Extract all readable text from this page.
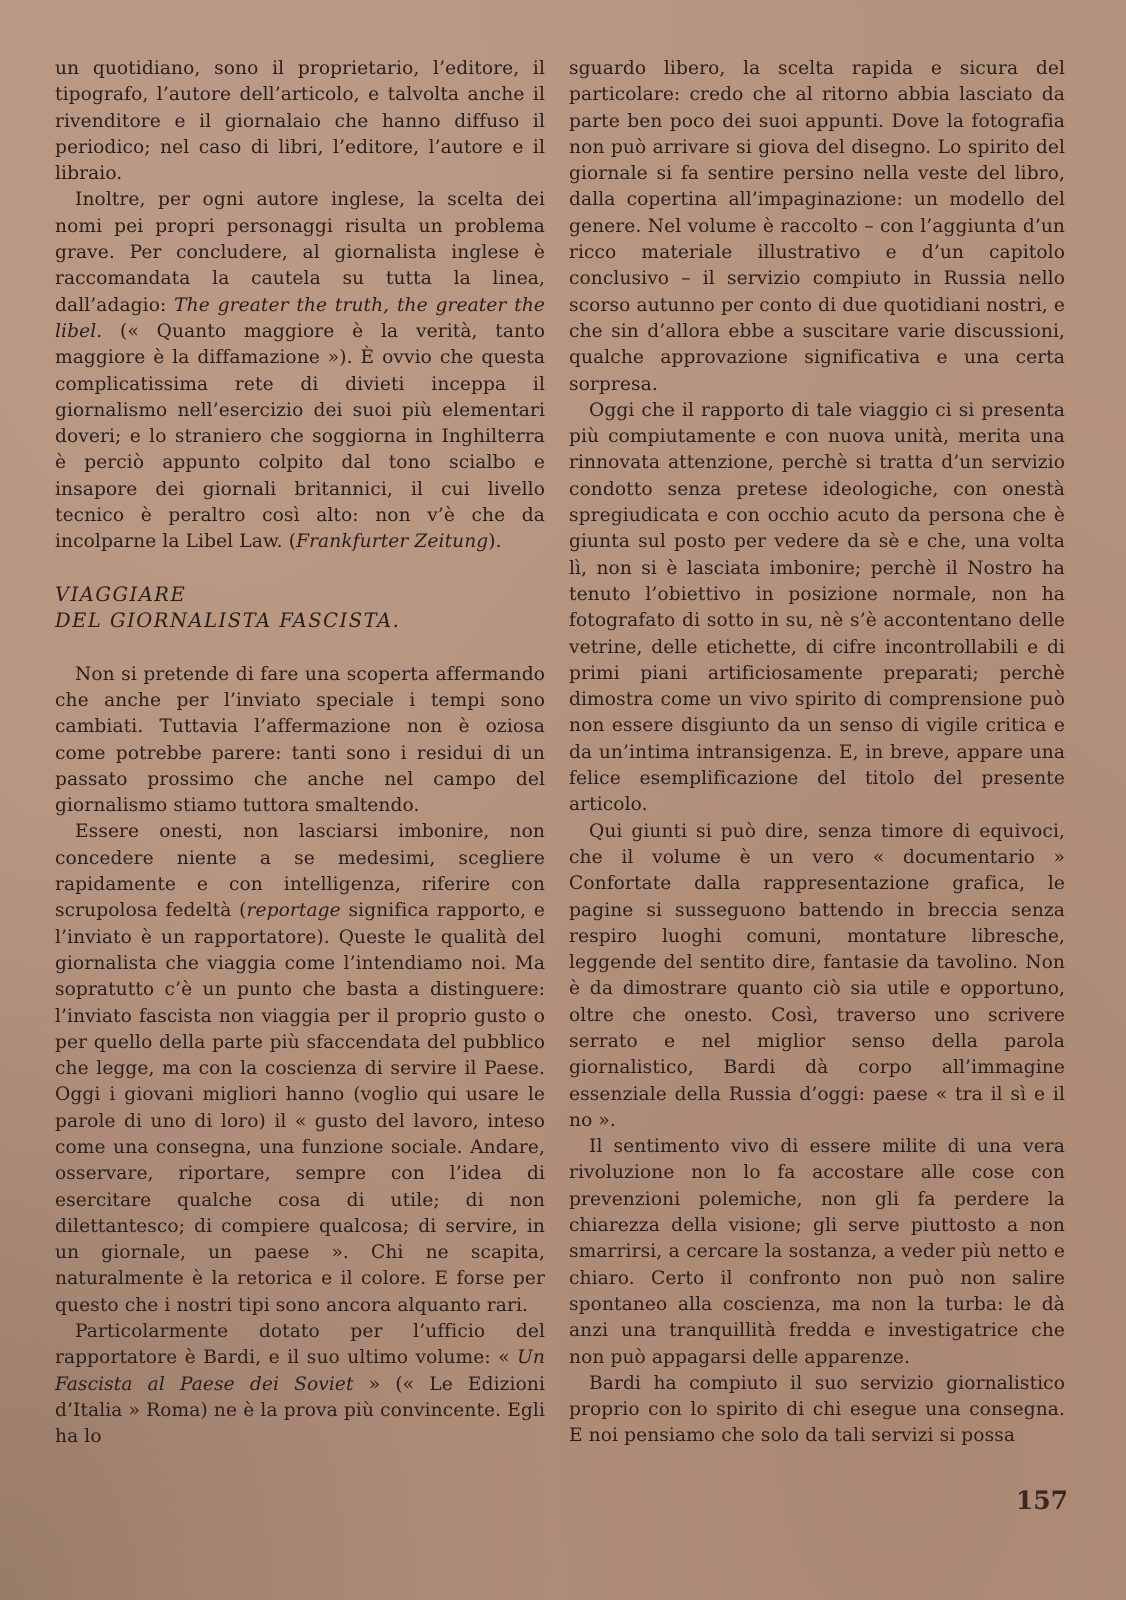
un quotidiano, sono il proprietario, l’editore, il tipografo, l’autore dell’articolo, e talvolta anche il rivenditore e il giornalaio che hanno diffuso il periodico; nel caso di libri, l’editore, l’autore e il libraio.

Inoltre, per ogni autore inglese, la scelta dei nomi pei propri personaggi risulta un problema grave. Per concludere, al giornalista inglese è raccomandata la cautela su tutta la linea, dall’adagio: The greater the truth, the greater the libel. (« Quanto maggiore è la verità, tanto maggiore è la diffamazione »). È ovvio che questa complicatissima rete di divieti inceppa il giornalismo nell’esercizio dei suoi più elementari doveri; e lo straniero che soggiorna in Inghilterra è perciò appunto colpito dal tono scialbo e insapore dei giornali britannici, il cui livello tecnico è peraltro così alto: non v’è che da incolparne la Libel Law. (Frankfurter Zeitung).

VIAGGIARE
DEL GIORNALISTA FASCISTA.

Non si pretende di fare una scoperta affermando che anche per l’inviato speciale i tempi sono cambiati. Tuttavia l’affermazione non è oziosa come potrebbe parere: tanti sono i residui di un passato prossimo che anche nel campo del giornalismo stiamo tuttora smaltendo.

Essere onesti, non lasciarsi imbonire, non concedere niente a se medesimi, scegliere rapidamente e con intelligenza, riferire con scrupolosa fedeltà (reportage significa rapporto, e l’inviato è un rapportatore). Queste le qualità del giornalista che viaggia come l’intendiamo noi. Ma sopratutto c’è un punto che basta a distinguere: l’inviato fascista non viaggia per il proprio gusto o per quello della parte più sfaccendata del pubblico che legge, ma con la coscienza di servire il Paese. Oggi i giovani migliori hanno (voglio qui usare le parole di uno di loro) il « gusto del lavoro, inteso come una consegna, una funzione sociale. Andare, osservare, riportare, sempre con l’idea di esercitare qualche cosa di utile; di non dilettantesco; di compiere qualcosa; di servire, in un giornale, un paese ». Chi ne scapita, naturalmente è la retorica e il colore. E forse per questo che i nostri tipi sono ancora alquanto rari.

Particolarmente dotato per l’ufficio del rapportatore è Bardi, e il suo ultimo volume: « Un Fascista al Paese dei Soviet » (« Le Edizioni d’Italia » Roma) ne è la prova più convincente. Egli ha lo

sguardo libero, la scelta rapida e sicura del particolare: credo che al ritorno abbia lasciato da parte ben poco dei suoi appunti. Dove la fotografia non può arrivare si giova del disegno. Lo spirito del giornale si fa sentire persino nella veste del libro, dalla copertina all’impaginazione: un modello del genere. Nel volume è raccolto – con l’aggiunta d’un ricco materiale illustrativo e d’un capitolo conclusivo – il servizio compiuto in Russia nello scorso autunno per conto di due quotidiani nostri, e che sin d’allora ebbe a suscitare varie discussioni, qualche approvazione significativa e una certa sorpresa.

Oggi che il rapporto di tale viaggio ci si presenta più compiutamente e con nuova unità, merita una rinnovata attenzione, perchè si tratta d’un servizio condotto senza pretese ideologiche, con onestà spregiudicata e con occhio acuto da persona che è giunta sul posto per vedere da sè e che, una volta lì, non si è lasciata imbonire; perchè il Nostro ha tenuto l’obiettivo in posizione normale, non ha fotografato di sotto in su, nè s’è accontentano delle vetrine, delle etichette, di cifre incontrollabili e di primi piani artificiosamente preparati; perchè dimostra come un vivo spirito di comprensione può non essere disgiunto da un senso di vigile critica e da un’intima intransigenza. E, in breve, appare una felice esemplificazione del titolo del presente articolo.

Qui giunti si può dire, senza timore di equivoci, che il volume è un vero « documentario » Confortate dalla rappresentazione grafica, le pagine si susseguono battendo in breccia senza respiro luoghi comuni, montature libresche, leggende del sentito dire, fantasie da tavolino. Non è da dimostrare quanto ciò sia utile e opportuno, oltre che onesto. Così, traverso uno scrivere serrato e nel miglior senso della parola giornalistico, Bardi dà corpo all’immagine essenziale della Russia d’oggi: paese « tra il sì e il no ».

Il sentimento vivo di essere milite di una vera rivoluzione non lo fa accostare alle cose con prevenzioni polemiche, non gli fa perdere la chiarezza della visione; gli serve piuttosto a non smarrirsi, a cercare la sostanza, a veder più netto e chiaro. Certo il confronto non può non salire spontaneo alla coscienza, ma non la turba: le dà anzi una tranquillità fredda e investigatrice che non può appagarsi delle apparenze.

Bardi ha compiuto il suo servizio giornalistico proprio con lo spirito di chi esegue una consegna. E noi pensiamo che solo da tali servizi si possa

157
